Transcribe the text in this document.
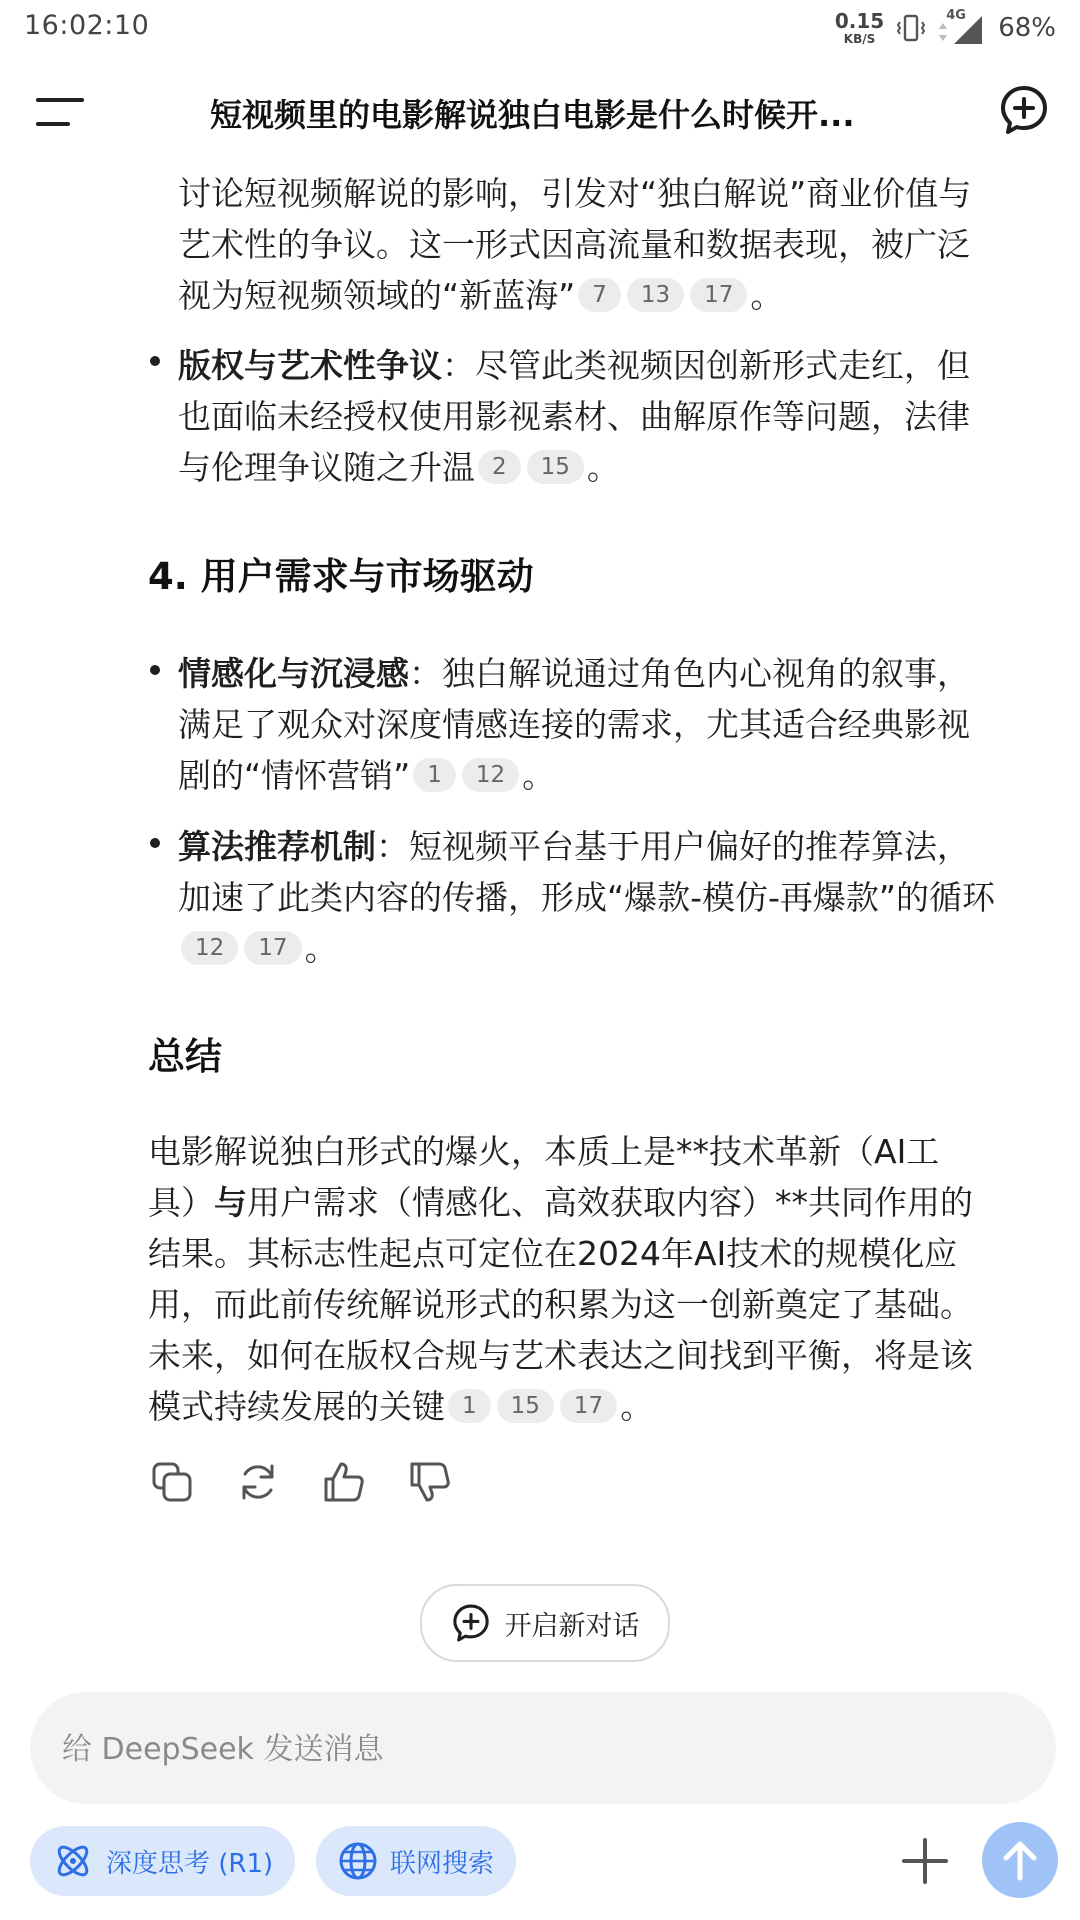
16:02:10	0.15
KB/S
4G 68%
短视频里的电影解说独白电影是什么时候开...
讨论短视频解说的影响，引发对“独白解说”商业价值与
艺术性的争议。这一形式因高流量和数据表现，被广泛
视为短视频领域的“新蓝海” 7 13 17 。
版权与艺术性争议：尽管此类视频因创新形式走红，但
也面临未经授权使用影视素材、曲解原作等问题，法律
与伦理争议随之升温 2 15 。
4. 用户需求与市场驱动
情感化与沉浸感：独白解说通过角色内心视角的叙事，
满足了观众对深度情感连接的需求，尤其适合经典影视
剧的“情怀营销” 1 12 。
算法推荐机制：短视频平台基于用户偏好的推荐算法，
加速了此类内容的传播，形成“爆款-模仿-再爆款”的循环
12 17 。
总结
电影解说独白形式的爆火，本质上是**技术革新（AI工
具）与用户需求（情感化、高效获取内容）**共同作用的
结果。其标志性起点可定位在2024年AI技术的规模化应
用，而此前传统解说形式的积累为这一创新奠定了基础。
未来，如何在版权合规与艺术表达之间找到平衡，将是该
模式持续发展的关键 1 15 17 。
开启新对话
给 DeepSeek 发送消息
深度思考 (R1)	联网搜索
